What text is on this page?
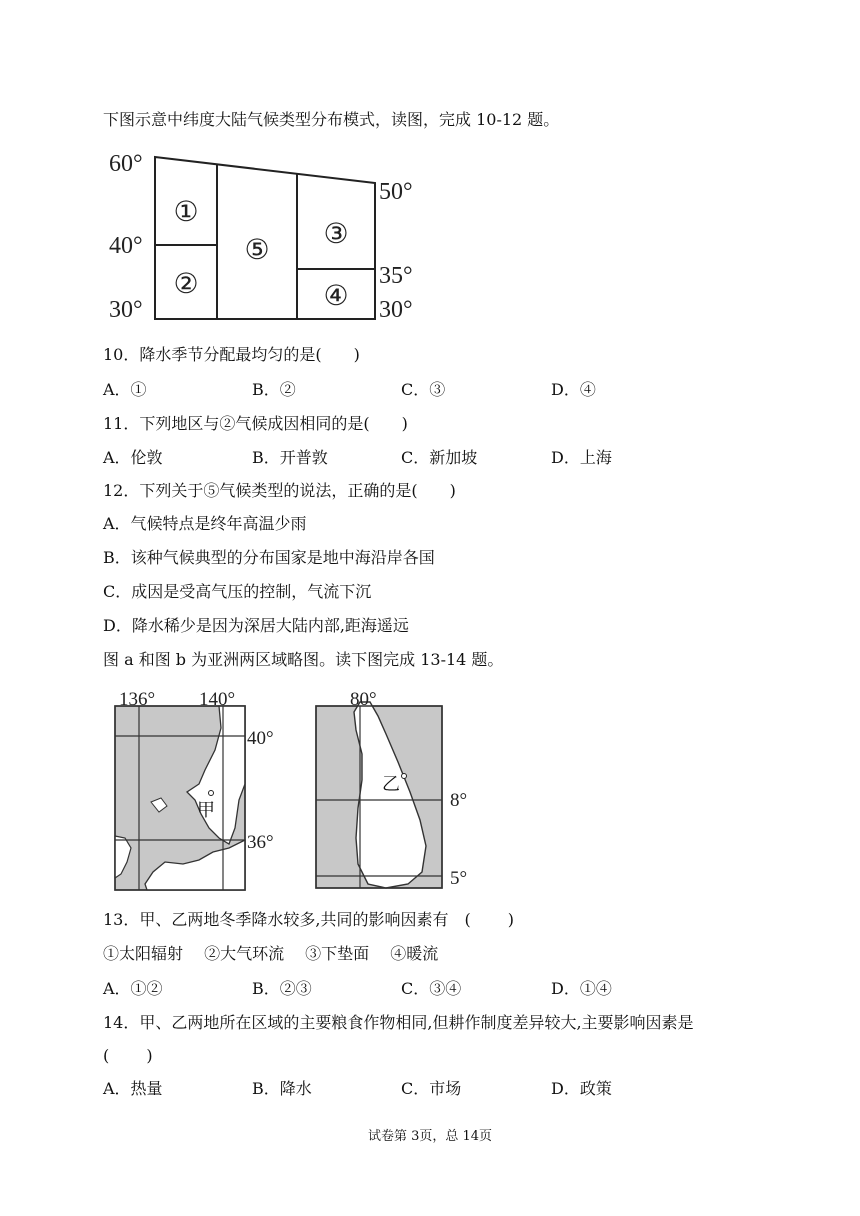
下图示意中纬度大陆气候类型分布模式，读图，完成 10-12 题。
60°
40°
30°
50°
35°
30°
①
②
⑤
③
④
10．降水季节分配最均匀的是(　　)
A．①	B．②	C．③	D．④
11．下列地区与②气候成因相同的是(　　)
A．伦敦	B．开普敦	C．新加坡	D．上海
12．下列关于⑤气候类型的说法，正确的是(　　)
A．气候特点是终年高温少雨
B．该种气候典型的分布国家是地中海沿岸各国
C．成因是受高气压的控制，气流下沉
D．降水稀少是因为深居大陆内部,距海遥远
图 a 和图 b 为亚洲两区域略图。读下图完成 13-14 题。
甲
136° 140°
40°
36°
乙
80°
8°
5°
13．甲、乙两地冬季降水较多,共同的影响因素有　(　　 )
①太阳辐射　 ②大气环流　 ③下垫面　 ④暖流
A．①②	B．②③	C．③④	D．①④
14．甲、乙两地所在区域的主要粮食作物相同,但耕作制度差异较大,主要影响因素是
(　　 )
A．热量	B．降水	C．市场	D．政策
试卷第 3页，总 14页
